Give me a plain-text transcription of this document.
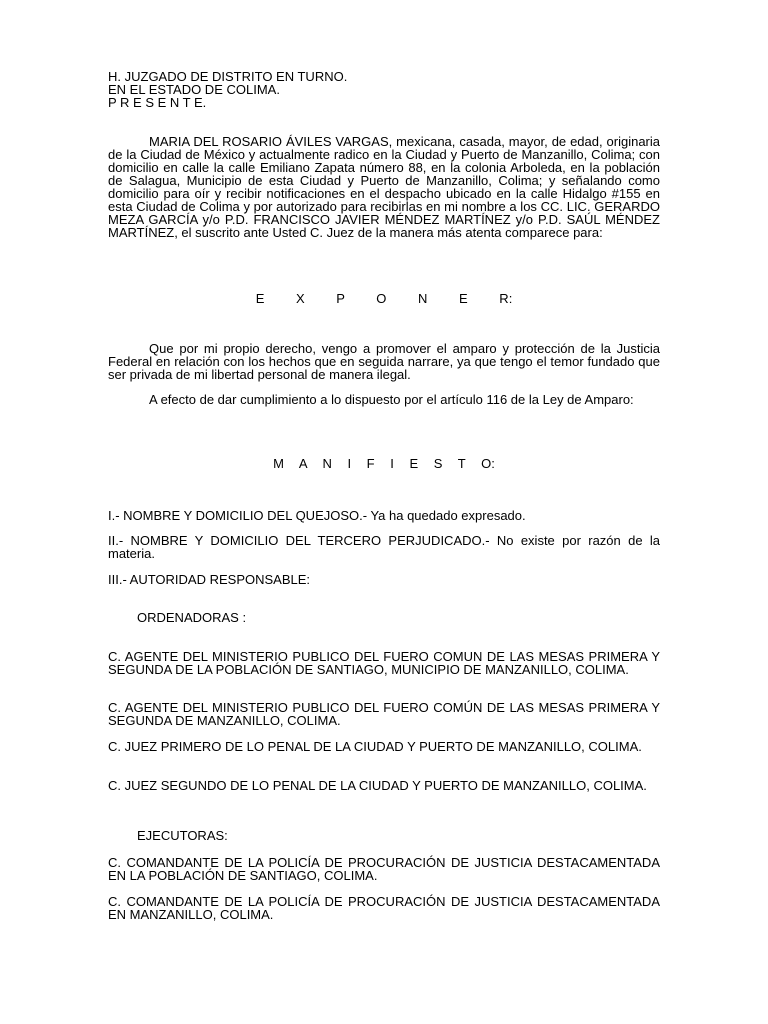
H. JUZGADO DE DISTRITO EN TURNO.
EN EL ESTADO DE COLIMA.
P R E S E N T E.

MARIA DEL ROSARIO ÁVILES VARGAS, mexicana, casada, mayor, de edad, originaria de la Ciudad de México y actualmente radico en la Ciudad y Puerto de Manzanillo, Colima; con domicilio en calle la calle Emiliano Zapata número 88, en la colonia Arboleda, en la población de Salagua, Municipio de esta Ciudad y Puerto de Manzanillo, Colima; y señalando como domicilio para oír y recibir notificaciones en el despacho ubicado en la calle Hidalgo #155 en esta Ciudad de Colima y por autorizado para recibirlas en mi nombre a los CC. LIC. GERARDO MEZA GARCÍA y/o P.D. FRANCISCO JAVIER MÉNDEZ MARTÍNEZ y/o P.D. SAÚL MÉNDEZ MARTÍNEZ, el suscrito ante Usted C. Juez de la manera más atenta comparece para:

E X P O N E R:

Que por mi propio derecho, vengo a promover el amparo y protección de la Justicia Federal en relación con los hechos que en seguida narrare, ya que tengo el temor fundado que ser privada de mi libertad personal de manera ilegal.

A efecto de dar cumplimiento a lo dispuesto por el artículo 116 de la Ley de Amparo:

M A N I F I E S T O:

I.- NOMBRE Y DOMICILIO DEL QUEJOSO.- Ya ha quedado expresado.

II.- NOMBRE Y DOMICILIO DEL TERCERO PERJUDICADO.- No existe por razón de la materia.

III.- AUTORIDAD RESPONSABLE:

ORDENADORAS :

C. AGENTE DEL MINISTERIO PUBLICO DEL FUERO COMUN DE LAS MESAS PRIMERA Y SEGUNDA DE LA POBLACIÓN DE SANTIAGO, MUNICIPIO DE MANZANILLO, COLIMA.

C. AGENTE DEL MINISTERIO PUBLICO DEL FUERO COMÚN DE LAS MESAS PRIMERA Y SEGUNDA DE MANZANILLO, COLIMA.

C. JUEZ PRIMERO DE LO PENAL DE LA CIUDAD Y PUERTO DE MANZANILLO, COLIMA.

C. JUEZ SEGUNDO DE LO PENAL DE LA CIUDAD Y PUERTO DE MANZANILLO, COLIMA.

EJECUTORAS:

C. COMANDANTE DE LA POLICÍA DE PROCURACIÓN DE JUSTICIA DESTACAMENTADA EN LA POBLACIÓN DE SANTIAGO, COLIMA.

C. COMANDANTE DE LA POLICÍA DE PROCURACIÓN DE JUSTICIA DESTACAMENTADA EN MANZANILLO, COLIMA.
